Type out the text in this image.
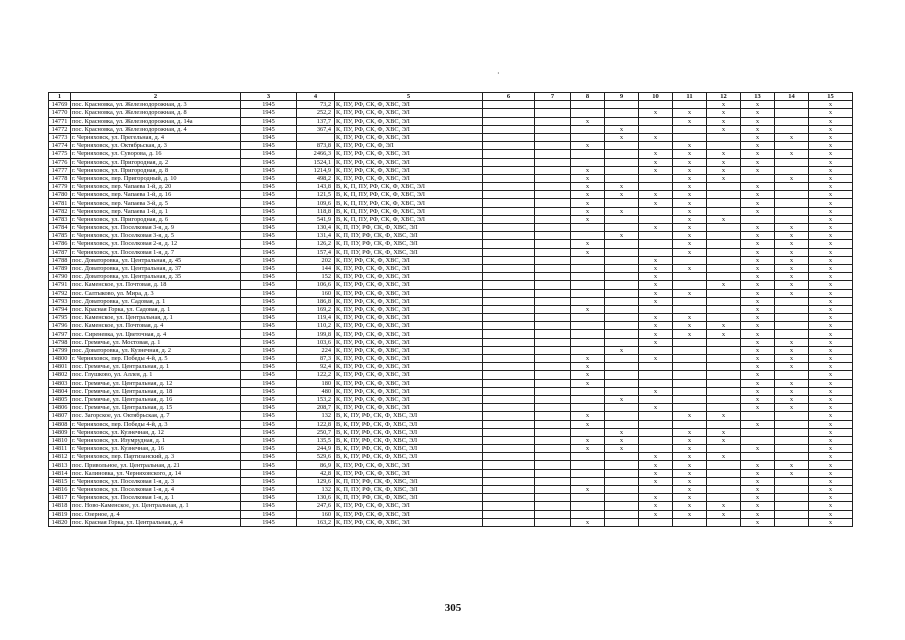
·
1	2	3	4	5	6	7	8	9	10	11	12	13	14	15
14769	пос. Красновка, ул. Железнодорожная, д. 3	1945	73,2	К, ПУ, РФ, СК, Ф, ХВС, ЭЛ							x	x		x
14770	пос. Красновка, ул. Железнодорожная, д. 8	1945	252,2	К, ПУ, РФ, СК, Ф, ХВС, ЭЛ					x	x	x	x		x
14771	пос. Красновка, ул. Железнодорожная, д. 14а	1945	137,7	К, ПУ, РФ, СК, Ф, ХВС, ЭЛ			x			x	x	x		x
14772	пос. Красновка, ул. Железнодорожная, д. 4	1945	367,4	К, ПУ, РФ, СК, Ф, ХВС, ЭЛ				x			x	x		x
14773	г. Черняховск, ул. Прегельная, д. 4	1945		К, ПУ, РФ, СК, Ф, ХВС, ЭЛ				x	x			x	x	x
14774	г. Черняховск, ул. Октябрьская, д. 3	1945	873,8	К, ПУ, РФ, СК, Ф, ЭЛ			x			x		x		x
14775	г. Черняховск, ул. Суворова, д. 16	1945	2466,3	К, ПУ, РФ, СК, Ф, ХВС, ЭЛ					x	x	x	x	x	x
14776	г. Черняховск, ул. Пригородная, д. 2	1945	1524,1	К, ПУ, РФ, СК, Ф, ХВС, ЭЛ					x	x	x	x		x
14777	г. Черняховск, ул. Пригородная, д. 8	1945	1214,9	К, ПУ, РФ, СК, Ф, ХВС, ЭЛ			x		x	x	x	x		x
14778	г. Черняховск, пер. Пригородный, д. 10	1945	498,2	К, ПУ, РФ, СК, Ф, ХВС, ЭЛ			x			x	x		x	x
14779	г. Черняховск, пер. Чапаева 1-й, д. 20	1945	143,8	В, К, П, ПУ, РФ, СК, Ф, ХВС, ЭЛ			x	x		x		x		x
14780	г. Черняховск, пер. Чапаева 1-й, д. 16	1945	121,5	В, К, П, ПУ, РФ, СК, Ф, ХВС, ЭЛ			x	x	x	x		x		x
14781	г. Черняховск, пер. Чапаева 3-й, д. 5	1945	109,6	В, К, П, ПУ, РФ, СК, Ф, ХВС, ЭЛ			x		x	x		x		x
14782	г. Черняховск, пер. Чапаева 1-й, д. 1	1945	118,8	В, К, П, ПУ, РФ, СК, Ф, ХВС, ЭЛ			x	x		x		x		x
14783	г. Черняховск, ул. Пригородная, д. 6	1945	541,9	В, К, П, ПУ, РФ, СК, Ф, ХВС, ЭЛ			x			x	x			x
14784	г. Черняховск, ул. Поселковая 3-я, д. 9	1945	130,4	К, П, ПУ, РФ, СК, Ф, ХВС, ЭЛ					x	x		x	x	x
14785	г. Черняховск, ул. Поселковая 3-я, д. 5	1945	131,4	К, П, ПУ, РФ, СК, Ф, ХВС, ЭЛ				x		x		x	x	x
14786	г. Черняховск, ул. Поселковая 2-я, д. 12	1945	126,2	К, П, ПУ, РФ, СК, Ф, ХВС, ЭЛ			x			x		x	x	x
14787	г. Черняховск, ул. Поселковая 1-я, д. 7	1945	157,4	К, П, ПУ, РФ, СК, Ф, ХВС, ЭЛ			x			x		x	x	x
14788	пос. Доваторовка, ул. Центральная, д. 45	1945	202	К, ПУ, РФ, СК, Ф, ХВС, ЭЛ					x			x	x	x
14789	пос. Доваторовка, ул. Центральная, д. 37	1945	144	К, ПУ, РФ, СК, Ф, ХВС, ЭЛ					x	x		x	x	x
14790	пос. Доваторовка, ул. Центральная, д. 35	1945	152	К, ПУ, РФ, СК, Ф, ХВС, ЭЛ					x			x	x	x
14791	пос. Каменское, ул. Почтовая, д. 18	1945	106,6	К, ПУ, РФ, СК, Ф, ХВС, ЭЛ					x		x	x	x	x
14792	пос. Салтыково, ул. Мира, д. 3	1945	160	К, ПУ, РФ, СК, Ф, ХВС, ЭЛ					x	x		x	x	x
14793	пос. Доваторовка, ул. Садовая, д. 1	1945	186,8	К, ПУ, РФ, СК, Ф, ХВС, ЭЛ					x			x		x
14794	пос. Красная Горка, ул. Садовая, д. 1	1945	169,2	К, ПУ, РФ, СК, Ф, ХВС, ЭЛ			x					x		x
14795	пос. Каменское, ул. Центральная, д. 1	1945	119,4	К, ПУ, РФ, СК, Ф, ХВС, ЭЛ					x	x		x		x
14796	пос. Каменское, ул. Почтовая, д. 4	1945	110,2	К, ПУ, РФ, СК, Ф, ХВС, ЭЛ					x	x	x	x		x
14797	пос. Сиреневка, ул. Цветочная, д. 4	1945	199,8	К, ПУ, РФ, СК, Ф, ХВС, ЭЛ					x	x	x	x		x
14798	пос. Гремячье, ул. Мостовая, д. 1	1945	103,6	К, ПУ, РФ, СК, Ф, ХВС, ЭЛ					x			x	x	x
14799	пос. Доваторовка, ул. Кузнечная, д. 2	1945	224	К, ПУ, РФ, СК, Ф, ХВС, ЭЛ				x				x	x	x
14800	г. Черняховск, пер. Победы 4-й, д. 5	1945	87,3	К, ПУ, РФ, СК, Ф, ХВС, ЭЛ			x		x			x	x	x
14801	пос. Гремячье, ул. Центральная, д. 1	1945	92,4	К, ПУ, РФ, СК, Ф, ХВС, ЭЛ			x					x	x	x
14802	пос. Глушково, ул. Аллея, д. 1	1945	122,2	К, ПУ, РФ, СК, Ф, ХВС, ЭЛ			x					x		x
14803	пос. Гремячье, ул. Центральная, д. 12	1945	180	К, ПУ, РФ, СК, Ф, ХВС, ЭЛ			x					x	x	x
14804	пос. Гремячье, ул. Центральная, д. 18	1945	480	К, ПУ, РФ, СК, Ф, ХВС, ЭЛ					x			x	x	x
14805	пос. Гремячье, ул. Центральная, д. 16	1945	153,2	К, ПУ, РФ, СК, Ф, ХВС, ЭЛ				x				x	x	x
14806	пос. Гремячье, ул. Центральная, д. 15	1945	208,7	К, ПУ, РФ, СК, Ф, ХВС, ЭЛ					x			x	x	x
14807	пос. Загорское, ул. Октябрьская, д. 7	1945	132	В, К, ПУ, РФ, СК, Ф, ХВС, ЭЛ			x			x	x			x
14808	г. Черняховск, пер. Победы 4-й, д. 3	1945	122,8	В, К, ПУ, РФ, СК, Ф, ХВС, ЭЛ			x					x		x
14809	г. Черняховск, ул. Кузнечная, д. 12	1945	250,7	В, К, ПУ, РФ, СК, Ф, ХВС, ЭЛ				x		x	x			x
14810	г. Черняховск, ул. Изумрудная, д. 1	1945	135,5	В, К, ПУ, РФ, СК, Ф, ХВС, ЭЛ			x	x		x	x			x
14811	г. Черняховск, ул. Кузнечная, д. 16	1945	244,9	В, К, ПУ, РФ, СК, Ф, ХВС, ЭЛ			x	x		x		x		x
14812	г. Черняховск, пер. Партизанский, д. 3	1945	529,6	В, К, ПУ, РФ, СК, Ф, ХВС, ЭЛ					x	x	x			x
14813	пос. Привольное, ул. Центральная, д. 21	1945	86,9	К, ПУ, РФ, СК, Ф, ХВС, ЭЛ					x	x		x	x	x
14814	пос. Калиновка, ул. Черняховского, д. 14	1945	42,8	К, ПУ, РФ, СК, Ф, ХВС, ЭЛ					x	x		x	x	x
14815	г. Черняховск, ул. Поселковая 1-я, д. 3	1945	129,6	К, П, ПУ, РФ, СК, Ф, ХВС, ЭЛ					x	x		x		x
14816	г. Черняховск, ул. Поселковая 1-я, д. 4	1945	132	К, П, ПУ, РФ, СК, Ф, ХВС, ЭЛ			x			x		x		x
14817	г. Черняховск, ул. Поселковая 1-я, д. 1	1945	130,6	К, П, ПУ, РФ, СК, Ф, ХВС, ЭЛ					x	x		x		x
14818	пос. Ново-Каменское, ул. Центральная, д. 1	1945	247,6	К, ПУ, РФ, СК, Ф, ХВС, ЭЛ					x	x	x	x		x
14819	пос. Озерное, д. 4	1945	160	К, ПУ, РФ, СК, Ф, ХВС, ЭЛ					x	x	x	x		x
14820	пос. Красная Горка, ул. Центральная, д. 4	1945	163,2	К, ПУ, РФ, СК, Ф, ХВС, ЭЛ			x					x		x
305
